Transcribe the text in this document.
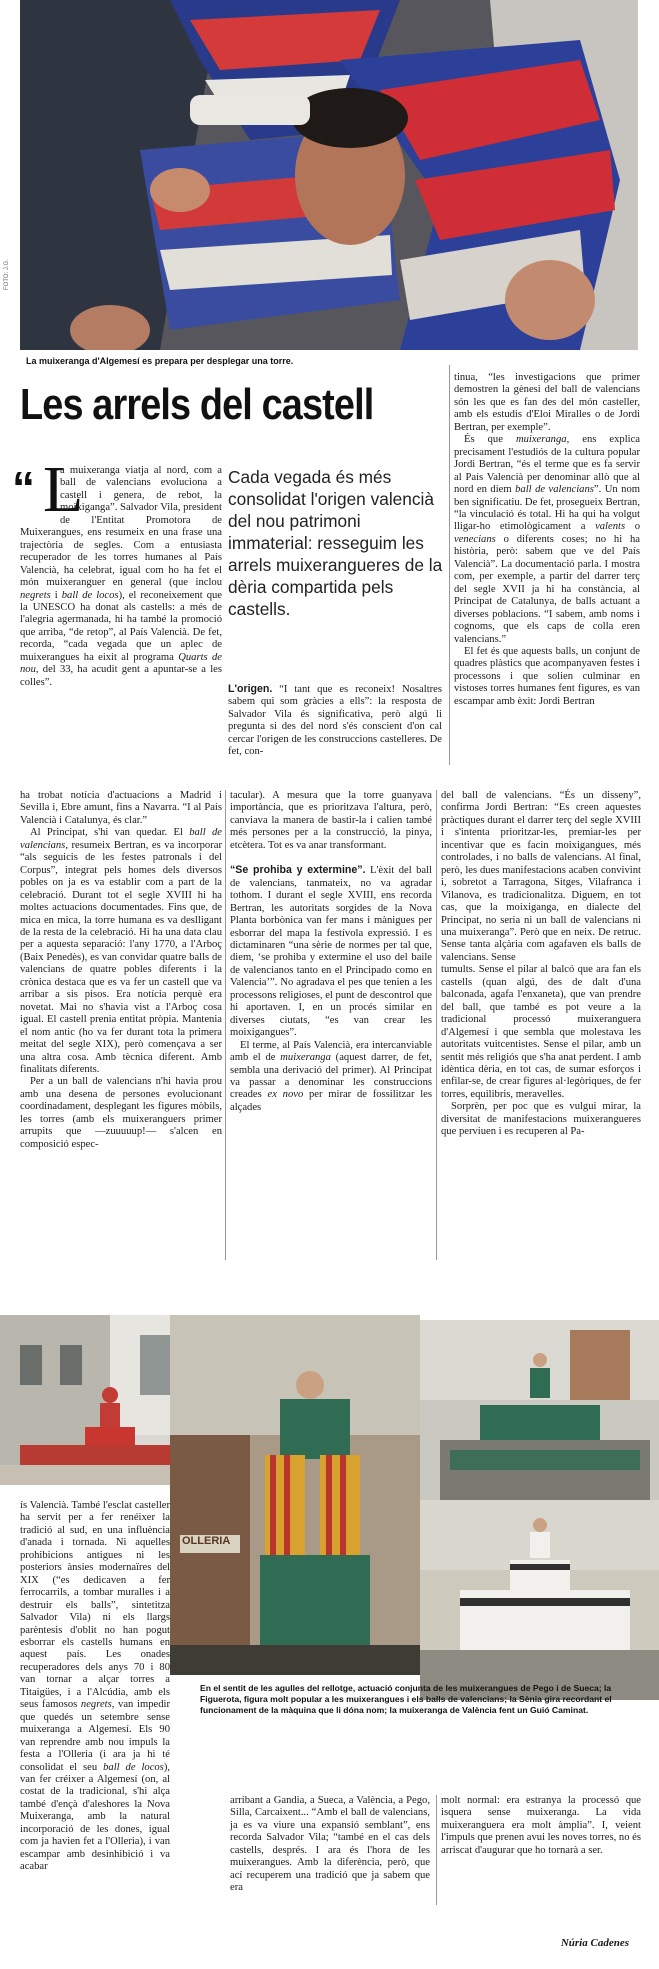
FOTO: J.G.
La muixeranga d'Algemesí es prepara per desplegar una torre.
Les arrels del castell
“ L

a muixeranga viatja al nord, com a ball de valencians evoluciona a castell i genera, de rebot, la moixiganga”. Salvador Vila, president de l'Entitat Promotora de Muixerangues, ens resumeix en una frase una trajectòria de segles. Com a entusiasta recuperador de les torres humanes al País Valencià, ha celebrat, igual com ho ha fet el món muixeranguer en general (que inclou negrets i ball de locos), el reconeixement que la UNESCO ha donat als castells: a més de l'alegria agermanada, hi ha també la promoció que arriba, “de retop”, al País Valencià. De fet, recorda, “cada vegada que un aplec de muixerangues ha eixit al programa Quarts de nou, del 33, ha acudit gent a apuntar-se a les colles”.

Cada vegada és més consolidat l'origen valencià del nou patrimoni immaterial: resseguim les arrels muixerangueres de la dèria compartida pels castells.

L'origen. “I tant que es reconeix! Nosaltres sabem qui som gràcies a ells”: la resposta de Salvador Vila és significativa, però algú li pregunta si des del nord s'és conscient d'on cal cercar l'origen de les construccions castelleres. De fet, con-

tinua, “les investigacions que primer demostren la gènesi del ball de valencians són les que es fan des del món casteller, amb els estudis d'Eloi Miralles o de Jordi Bertran, per exemple”.

És que muixeranga, ens explica precisament l'estudiós de la cultura popular Jordi Bertran, “és el terme que es fa servir al País Valencià per denominar allò que al nord en diem ball de valencians”. Un nom ben significatiu. De fet, prosegueix Bertran, “la vinculació és total. Hi ha qui ha volgut lligar-ho etimològicament a valents o venecians o diferents coses; no hi ha història, però: sabem que ve del País Valencià”. La documentació parla. I mostra com, per exemple, a partir del darrer terç del segle XVII ja hi ha constància, al Principat de Catalunya, de balls actuant a diverses poblacions. “I sabem, amb noms i cognoms, que els caps de colla eren valencians.”

El fet és que aquests balls, un conjunt de quadres plàstics que acompanyaven festes i processons i que solien culminar en vistoses torres humanes fent figures, es van escampar amb èxit: Jordi Bertran

ha trobat notícia d'actuacions a Madrid i Sevilla i, Ebre amunt, fins a Navarra. “I al País Valencià i Catalunya, és clar.”

Al Principat, s'hi van quedar. El ball de valencians, resumeix Bertran, es va incorporar “als seguicis de les festes patronals i del Corpus”, integrat pels homes dels diversos pobles on ja es va establir com a part de la celebració. Durant tot el segle XVIII hi ha moltes actuacions documentades. Fins que, de mica en mica, la torre humana es va deslligant de la resta de la celebració. Hi ha una data clau per a aquesta separació: l'any 1770, a l'Arboç (Baix Penedès), es van convidar quatre balls de valencians de quatre pobles diferents i la crònica destaca que es va fer un castell que va arribar a sis pisos. Era notícia perquè era novetat. Mai no s'havia vist a l'Arboç cosa igual. El castell prenia entitat pròpia. Mantenia el nom antic (ho va fer durant tota la primera meitat del segle XIX), però començava a ser una altra cosa. Amb tècnica diferent. Amb finalitats diferents.

Per a un ball de valencians n'hi havia prou amb una desena de persones evolucionant coordinadament, desplegant les figures mòbils, les torres (amb els muixeranguers primer arrupits que —zuuuuup!— s'alcen en composició espec-

tacular). A mesura que la torre guanyava importància, que es prioritzava l'altura, però, canviava la manera de bastir-la i calien també més persones per a la construcció, la pinya, etcètera. Tot es va anar transformant.

“Se prohiba y extermine”. L'èxit del ball de valencians, tanmateix, no va agradar tothom. I durant el segle XVIII, ens recorda Bertran, les autoritats sorgides de la Nova Planta borbònica van fer mans i mànigues per esborrar del mapa la festívola expressió. I es dictaminaren “una sèrie de normes per tal que, diem, ‘se prohiba y extermine el uso del baile de valencianos tanto en el Principado como en Valencia’”. No agradava el pes que tenien a les processons religioses, el punt de descontrol que hi aportaven. I, en un procés similar en diverses ciutats, “es van crear les moixigangues”.

El terme, al País Valencià, era intercanviable amb el de muixeranga (aquest darrer, de fet, sembla una derivació del primer). Al Principat va passar a denominar les construccions creades ex novo per mirar de fossilitzar les alçades

del ball de valencians. “És un disseny”, confirma Jordi Bertran: “Es creen aquestes pràctiques durant el darrer terç del segle XVIII i s'intenta prioritzar-les, premiar-les per incentivar que es facin moixigangues, més controlades, i no balls de valencians. Al final, però, les dues manifestacions acaben convivint i, sobretot a Tarragona, Sitges, Vilafranca i Vilanova, es tradicionalitza. Diguem, en tot cas, que la moixiganga, en dialecte del Principat, no seria ni un ball de valencians ni una muixeranga”. Però que en neix. De retruc. Sense tanta alçària com agafaven els balls de valencians. Sense

tumults. Sense el pilar al balcó que ara fan els castells (quan algú, des de dalt d'una balconada, agafa l'enxaneta), que van prendre del ball, que també es pot veure a la tradicional processó muixeranguera d'Algemesí i que sembla que molestava les autoritats vuitcentistes. Sense el pilar, amb un sentit més religiós que s'ha anat perdent. I amb idèntica dèria, en tot cas, de sumar esforços i enfilar-se, de crear figures al·legòriques, de fer torres, equilibris, meravelles.

Sorprèn, per poc que es vulgui mirar, la diversitat de manifestacions muixerangueres que perviuen i es recuperen al Pa-

OLLERIA
En el sentit de les agulles del rellotge, actuació conjunta de les muixerangues de Pego i de Sueca; la Figuerota, figura molt popular a les muixerangues i els balls de valencians; la Sènia gira recordant el funcionament de la màquina que li dóna nom; la muixeranga de València fent un Guió Caminat.

ís Valencià. També l'esclat casteller ha servit per a fer renéixer la tradició al sud, en una influència d'anada i tornada. Ni aquelles prohibicions antigues ni les posteriors ànsies modernaïres del XIX (“es dedicaven a fer ferrocarrils, a tombar muralles i a destruir els balls”, sintetitza Salvador Vila) ni els llargs parèntesis d'oblit no han pogut esborrar els castells humans en aquest país. Les onades recuperadores dels anys 70 i 80 van tornar a alçar torres a Titaigües, i a l'Alcúdia, amb els seus famosos negrets, van impedir que quedés un setembre sense muixeranga a Algemesí. Els 90 van reprendre amb nou impuls la festa a l'Olleria (i ara ja hi té consolidat el seu ball de locos), van fer créixer a Algemesí (on, al costat de la tradicional, s'hi alça també d'ençà d'aleshores la Nova Muixeranga, amb la natural incorporació de les dones, igual com ja havien fet a l'Olleria), i van escampar amb desinhibició i va acabar

arribant a Gandia, a Sueca, a València, a Pego, Silla, Carcaixent... “Amb el ball de valencians, ja es va viure una expansió semblant”, ens recorda Salvador Vila; “també en el cas dels castells, després. I ara és l'hora de les muixerangues. Amb la diferència, però, que ací recuperem una tradició que ja sabem que era

molt normal: era estranya la processó que isquera sense muixeranga. La vida muixeranguera era molt àmplia”. I, veient l'impuls que prenen avui les noves torres, no és arriscat d'augurar que ho tornarà a ser.

Núria Cadenes
